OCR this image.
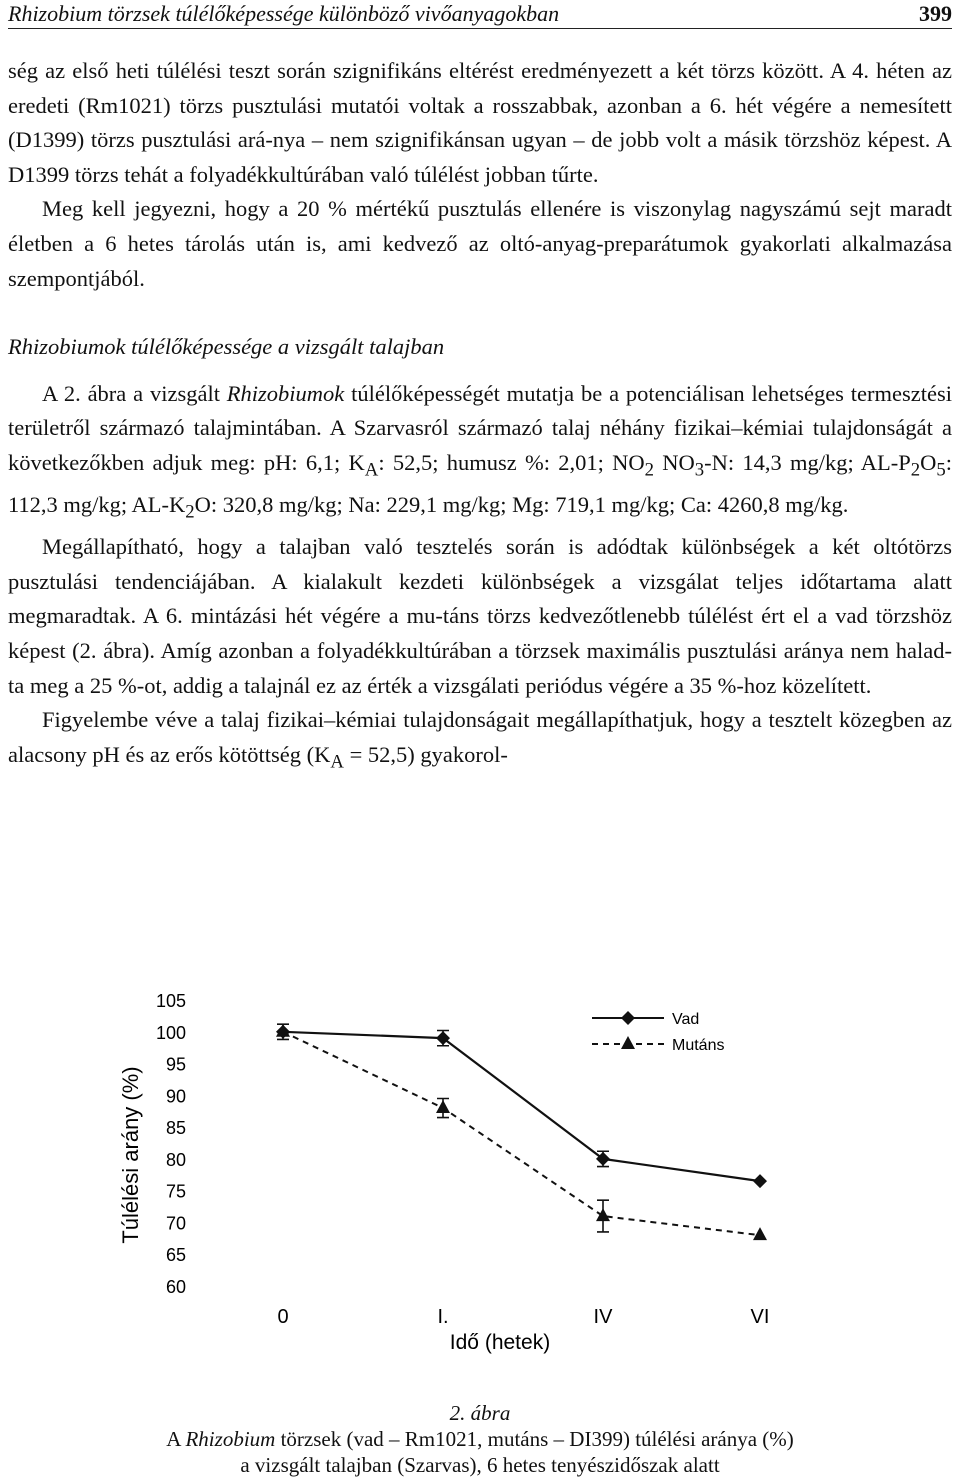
Rhizobium törzsek túlélőképessége különböző vivőanyagokban	399

ség az első heti túlélési teszt során szignifikáns eltérést eredményezett a két törzs között. A 4. héten az eredeti (Rm1021) törzs pusztulási mutatói voltak a rosszabbak, azonban a 6. hét végére a nemesített (D1399) törzs pusztulási ará-nya – nem szignifikánsan ugyan – de jobb volt a másik törzshöz képest. A D1399 törzs tehát a folyadékkultúrában való túlélést jobban tűrte.

Meg kell jegyezni, hogy a 20 % mértékű pusztulás ellenére is viszonylag nagyszámú sejt maradt életben a 6 hetes tárolás után is, ami kedvező az oltó-anyag-preparátumok gyakorlati alkalmazása szempontjából.

Rhizobiumok túlélőképessége a vizsgált talajban

A 2. ábra a vizsgált Rhizobiumok túlélőképességét mutatja be a potenciálisan lehetséges termesztési területről származó talajmintában. A Szarvasról származó talaj néhány fizikai–kémiai tulajdonságát a következőkben adjuk meg: pH: 6,1; $K_A$: 52,5; humusz %: 2,01; $NO_2$ $NO_3-N$: 14,3 mg/kg; $AL-P_2O_5$: 112,3 mg/kg; $AL-K_2O$: 320,8 mg/kg; Na: 229,1 mg/kg; Mg: 719,1 mg/kg; Ca: 4260,8 mg/kg.

Megállapítható, hogy a talajban való tesztelés során is adódtak különbségek a két oltótörzs pusztulási tendenciájában. A kialakult kezdeti különbségek a vizsgálat teljes időtartama alatt megmaradtak. A 6. mintázási hét végére a mu-táns törzs kedvezőtlenebb túlélést ért el a vad törzshöz képest (2. ábra). Amíg azonban a folyadékkultúrában a törzsek maximális pusztulási aránya nem halad-ta meg a 25 %-ot, addig a talajnál ez az érték a vizsgálati periódus végére a 35 %-hoz közelített.

Figyelembe véve a talaj fizikai–kémiai tulajdonságait megállapíthatjuk, hogy a tesztelt közegben az alacsony pH és az erős kötöttség $(K_A = 52,5)$ gyakorol-

Túlélési arány (%)
Idő (hetek)
105
100
95
90
85
80
75
70
65
60
0	I.	IV	VI
Vad
Mutáns
2. ábra
A Rhizobium törzsek (vad – Rm1021, mutáns – DI399) túlélési aránya (%)
a vizsgált talajban (Szarvas), 6 hetes tenyészidőszak alatt
